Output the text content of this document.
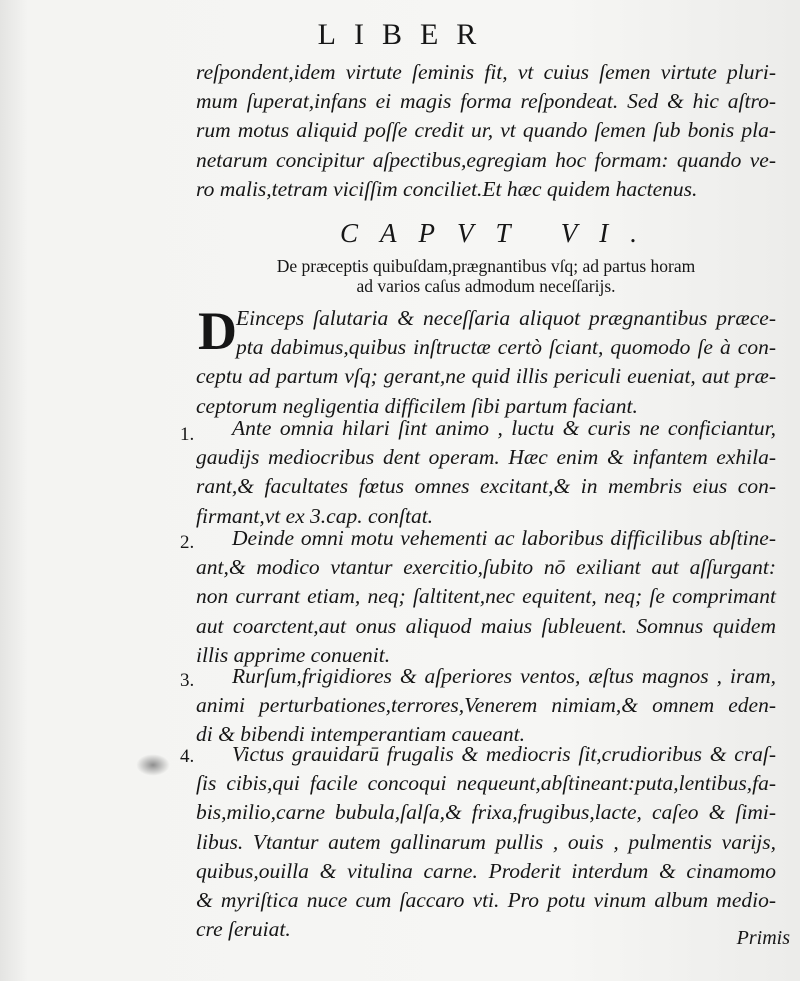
LIBER
reſpondent,idem virtute ſeminis fit, vt cuius ſemen virtute pluri-
mum ſuperat,infans ei magis forma reſpondeat. Sed & hic aſtro-
rum motus aliquid poſſe credit ur, vt quando ſemen ſub bonis pla-
netarum concipitur aſpectibus,egregiam hoc formam: quando ve-
ro malis,tetram viciſſim conciliet.Et hæc quidem hactenus.
CAPVT VI.
De præceptis quibuſdam,prægnantibus vſq; ad partus horam
ad varios caſus admodum neceſſarijs.
D Einceps ſalutaria & neceſſaria aliquot prægnantibus præce-
pta dabimus,quibus inſtructæ certò ſciant, quomodo ſe à con-
ceptu ad partum vſq; gerant,ne quid illis periculi eueniat, aut præ-
ceptorum negligentia difficilem ſibi partum faciant.
1.	Ante omnia hilari ſint animo , luctu & curis ne conficiantur,
gaudijs mediocribus dent operam. Hæc enim & infantem exhila-
rant,& facultates fœtus omnes excitant,& in membris eius con-
firmant,vt ex 3.cap. conſtat.
2.	Deinde omni motu vehementi ac laboribus difficilibus abſtine-
ant,& modico vtantur exercitio,ſubito nō exiliant aut aſſurgant:
non currant etiam, neq; ſaltitent,nec equitent, neq; ſe comprimant
aut coarctent,aut onus aliquod maius ſubleuent. Somnus quidem
illis apprime conuenit.
3.	Rurſum,frigidiores & aſperiores ventos, æſtus magnos , iram,
animi perturbationes,terrores,Venerem nimiam,& omnem eden-
di & bibendi intemperantiam caueant.
4.	Victus grauidarū frugalis & mediocris ſit,crudioribus & craſ-
ſis cibis,qui facile concoqui nequeunt,abſtineant:puta,lentibus,fa-
bis,milio,carne bubula,ſalſa,& frixa,frugibus,lacte, caſeo & ſimi-
libus. Vtantur autem gallinarum pullis , ouis , pulmentis varijs,
quibus,ouilla & vitulina carne. Proderit interdum & cinamomo
& myriſtica nuce cum ſaccaro vti. Pro potu vinum album medio-
cre ſeruiat.	Primis
